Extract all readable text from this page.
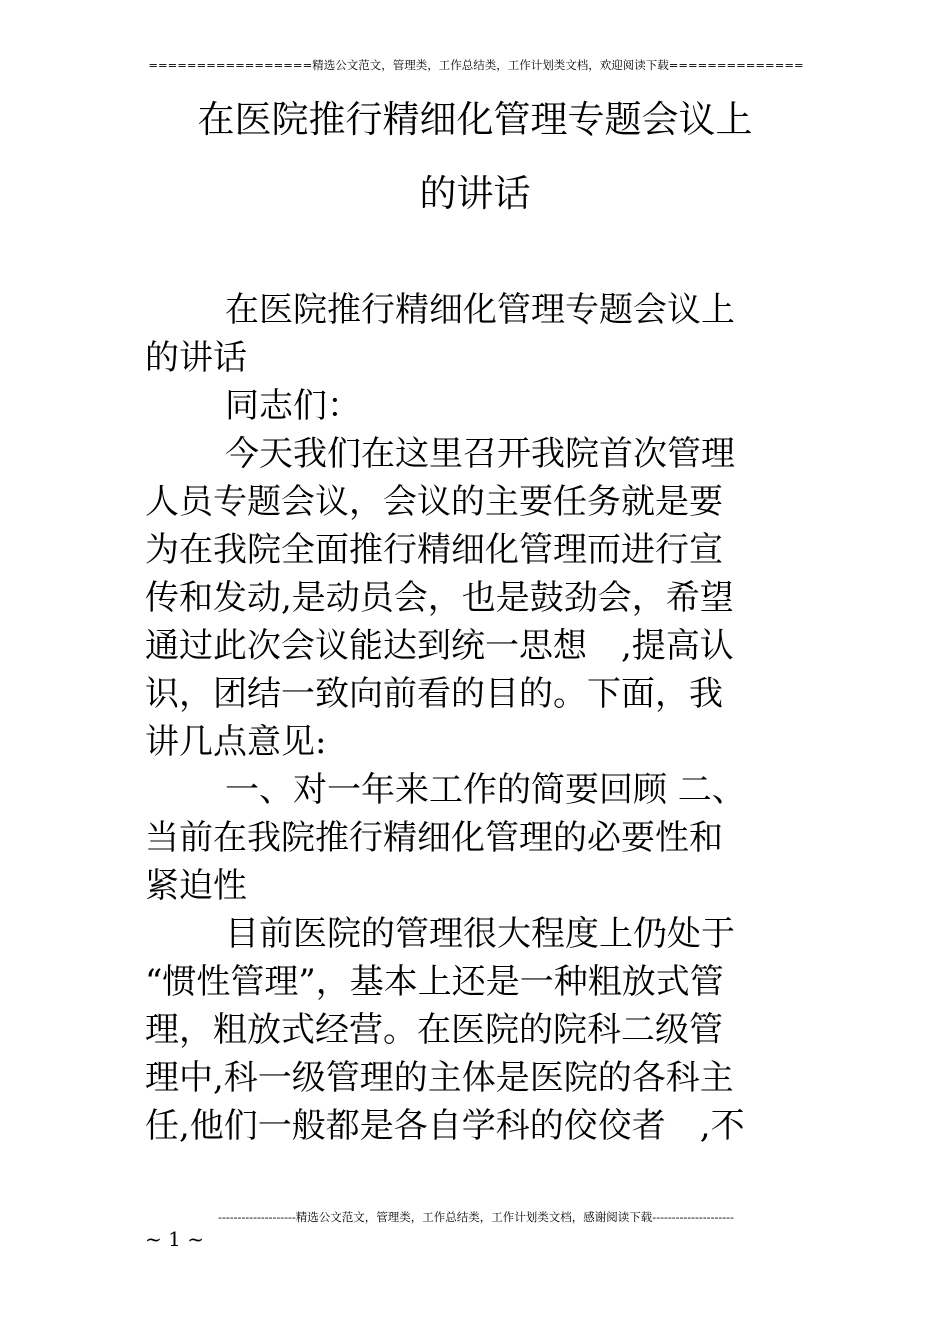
=================精选公文范文，管理类，工作总结类，工作计划类文档，欢迎阅读下载==============
在医院推行精细化管理专题会议上
的讲话
在医院推行精细化管理专题会议上
的讲话
同志们：
今天我们在这里召开我院首次管理
人员专题会议，会议的主要任务就是要
为在我院全面推行精细化管理而进行宣
传和发动,是动员会，也是鼓劲会，希望
通过此次会议能达到统一思想　,提高认
识，团结一致向前看的目的。下面，我
讲几点意见:
一、对一年来工作的简要回顾 二、
当前在我院推行精细化管理的必要性和
紧迫性
目前医院的管理很大程度上仍处于
“惯性管理”，基本上还是一种粗放式管
理，粗放式经营。在医院的院科二级管
理中,科一级管理的主体是医院的各科主
任,他们一般都是各自学科的佼佼者　,不
--------------------精选公文范文，管理类，工作总结类，工作计划类文档，感谢阅读下载---------------------
~ 1 ~
